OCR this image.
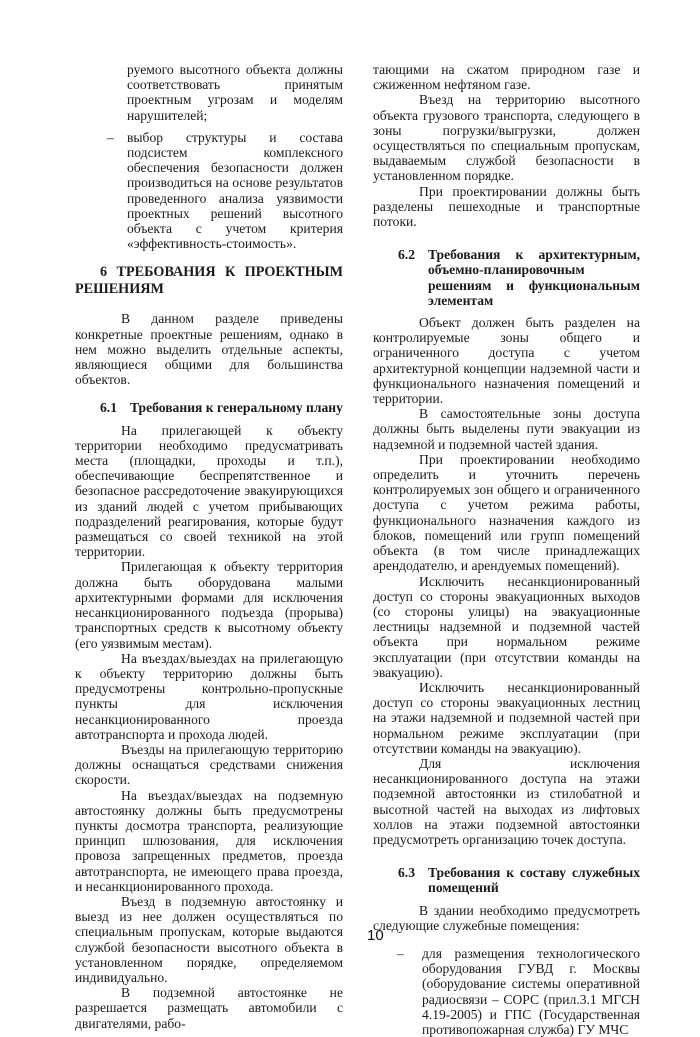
руемого высотного объекта должны соответствовать принятым проектным угрозам и моделям нарушителей;

– выбор структуры и состава подсистем комплексного обеспечения безопасности должен производиться на основе результатов проведенного анализа уязвимости проектных решений высотного объекта с учетом критерия «эффективность-стоимость».

6 ТРЕБОВАНИЯ К ПРОЕКТНЫМ РЕШЕНИЯМ

В данном разделе приведены конкретные проектные решениям, однако в нем можно выделить отдельные аспекты, являющиеся общими для большинства объектов.

6.1 Требования к генеральному плану

На прилегающей к объекту территории необходимо предусматривать места (площадки, проходы и т.п.), обеспечивающие беспрепятственное и безопасное рассредоточение эвакуирующихся из зданий людей с учетом прибывающих подразделений реагирования, которые будут размещаться со своей техникой на этой территории.

Прилегающая к объекту территория должна быть оборудована малыми архитектурными формами для исключения несанкционированного подъезда (прорыва) транспортных средств к высотному объекту (его уязвимым местам).

На въездах/выездах на прилегающую к объекту территорию должны быть предусмотрены контрольно-пропускные пункты для исключения несанкционированного проезда автотранспорта и прохода людей.

Въезды на прилегающую территорию должны оснащаться средствами снижения скорости.

На въездах/выездах на подземную автостоянку должны быть предусмотрены пункты досмотра транспорта, реализующие принцип шлюзования, для исключения провоза запрещенных предметов, проезда автотранспорта, не имеющего права проезда, и несанкционированного прохода.

Въезд в подземную автостоянку и выезд из нее должен осуществляться по специальным пропускам, которые выдаются службой безопасности высотного объекта в установленном порядке, определяемом индивидуально.

В подземной автостоянке не разрешается размещать автомобили с двигателями, рабо-

тающими на сжатом природном газе и сжиженном нефтяном газе.

Въезд на территорию высотного объекта грузового транспорта, следующего в зоны погрузки/выгрузки, должен осуществляться по специальным пропускам, выдаваемым службой безопасности в установленном порядке.

При проектировании должны быть разделены пешеходные и транспортные потоки.

6.2 Требования к архитектурным, объемно-планировочным решениям и функциональным элементам

Объект должен быть разделен на контролируемые зоны общего и ограниченного доступа с учетом архитектурной концепции надземной части и функционального назначения помещений и территории.

В самостоятельные зоны доступа должны быть выделены пути эвакуации из надземной и подземной частей здания.

При проектировании необходимо определить и уточнить перечень контролируемых зон общего и ограниченного доступа с учетом режима работы, функционального назначения каждого из блоков, помещений или групп помещений объекта (в том числе принадлежащих арендодателю, и арендуемых помещений).

Исключить несанкционированный доступ со стороны эвакуационных выходов (со стороны улицы) на эвакуационные лестницы надземной и подземной частей объекта при нормальном режиме эксплуатации (при отсутствии команды на эвакуацию).

Исключить несанкционированный доступ со стороны эвакуационных лестниц на этажи надземной и подземной частей при нормальном режиме эксплуатации (при отсутствии команды на эвакуацию).

Для исключения несанкционированного доступа на этажи подземной автостоянки из стилобатной и высотной частей на выходах из лифтовых холлов на этажи подземной автостоянки предусмотреть организацию точек доступа.

6.3 Требования к составу служебных помещений

В здании необходимо предусмотреть следующие служебные помещения:

– для размещения технологического оборудования ГУВД г. Москвы (оборудование системы оперативной радиосвязи – СОРС (прил.3.1 МГСН 4.19-2005) и ГПС (Государственная противопожарная служба) ГУ МЧС

10
